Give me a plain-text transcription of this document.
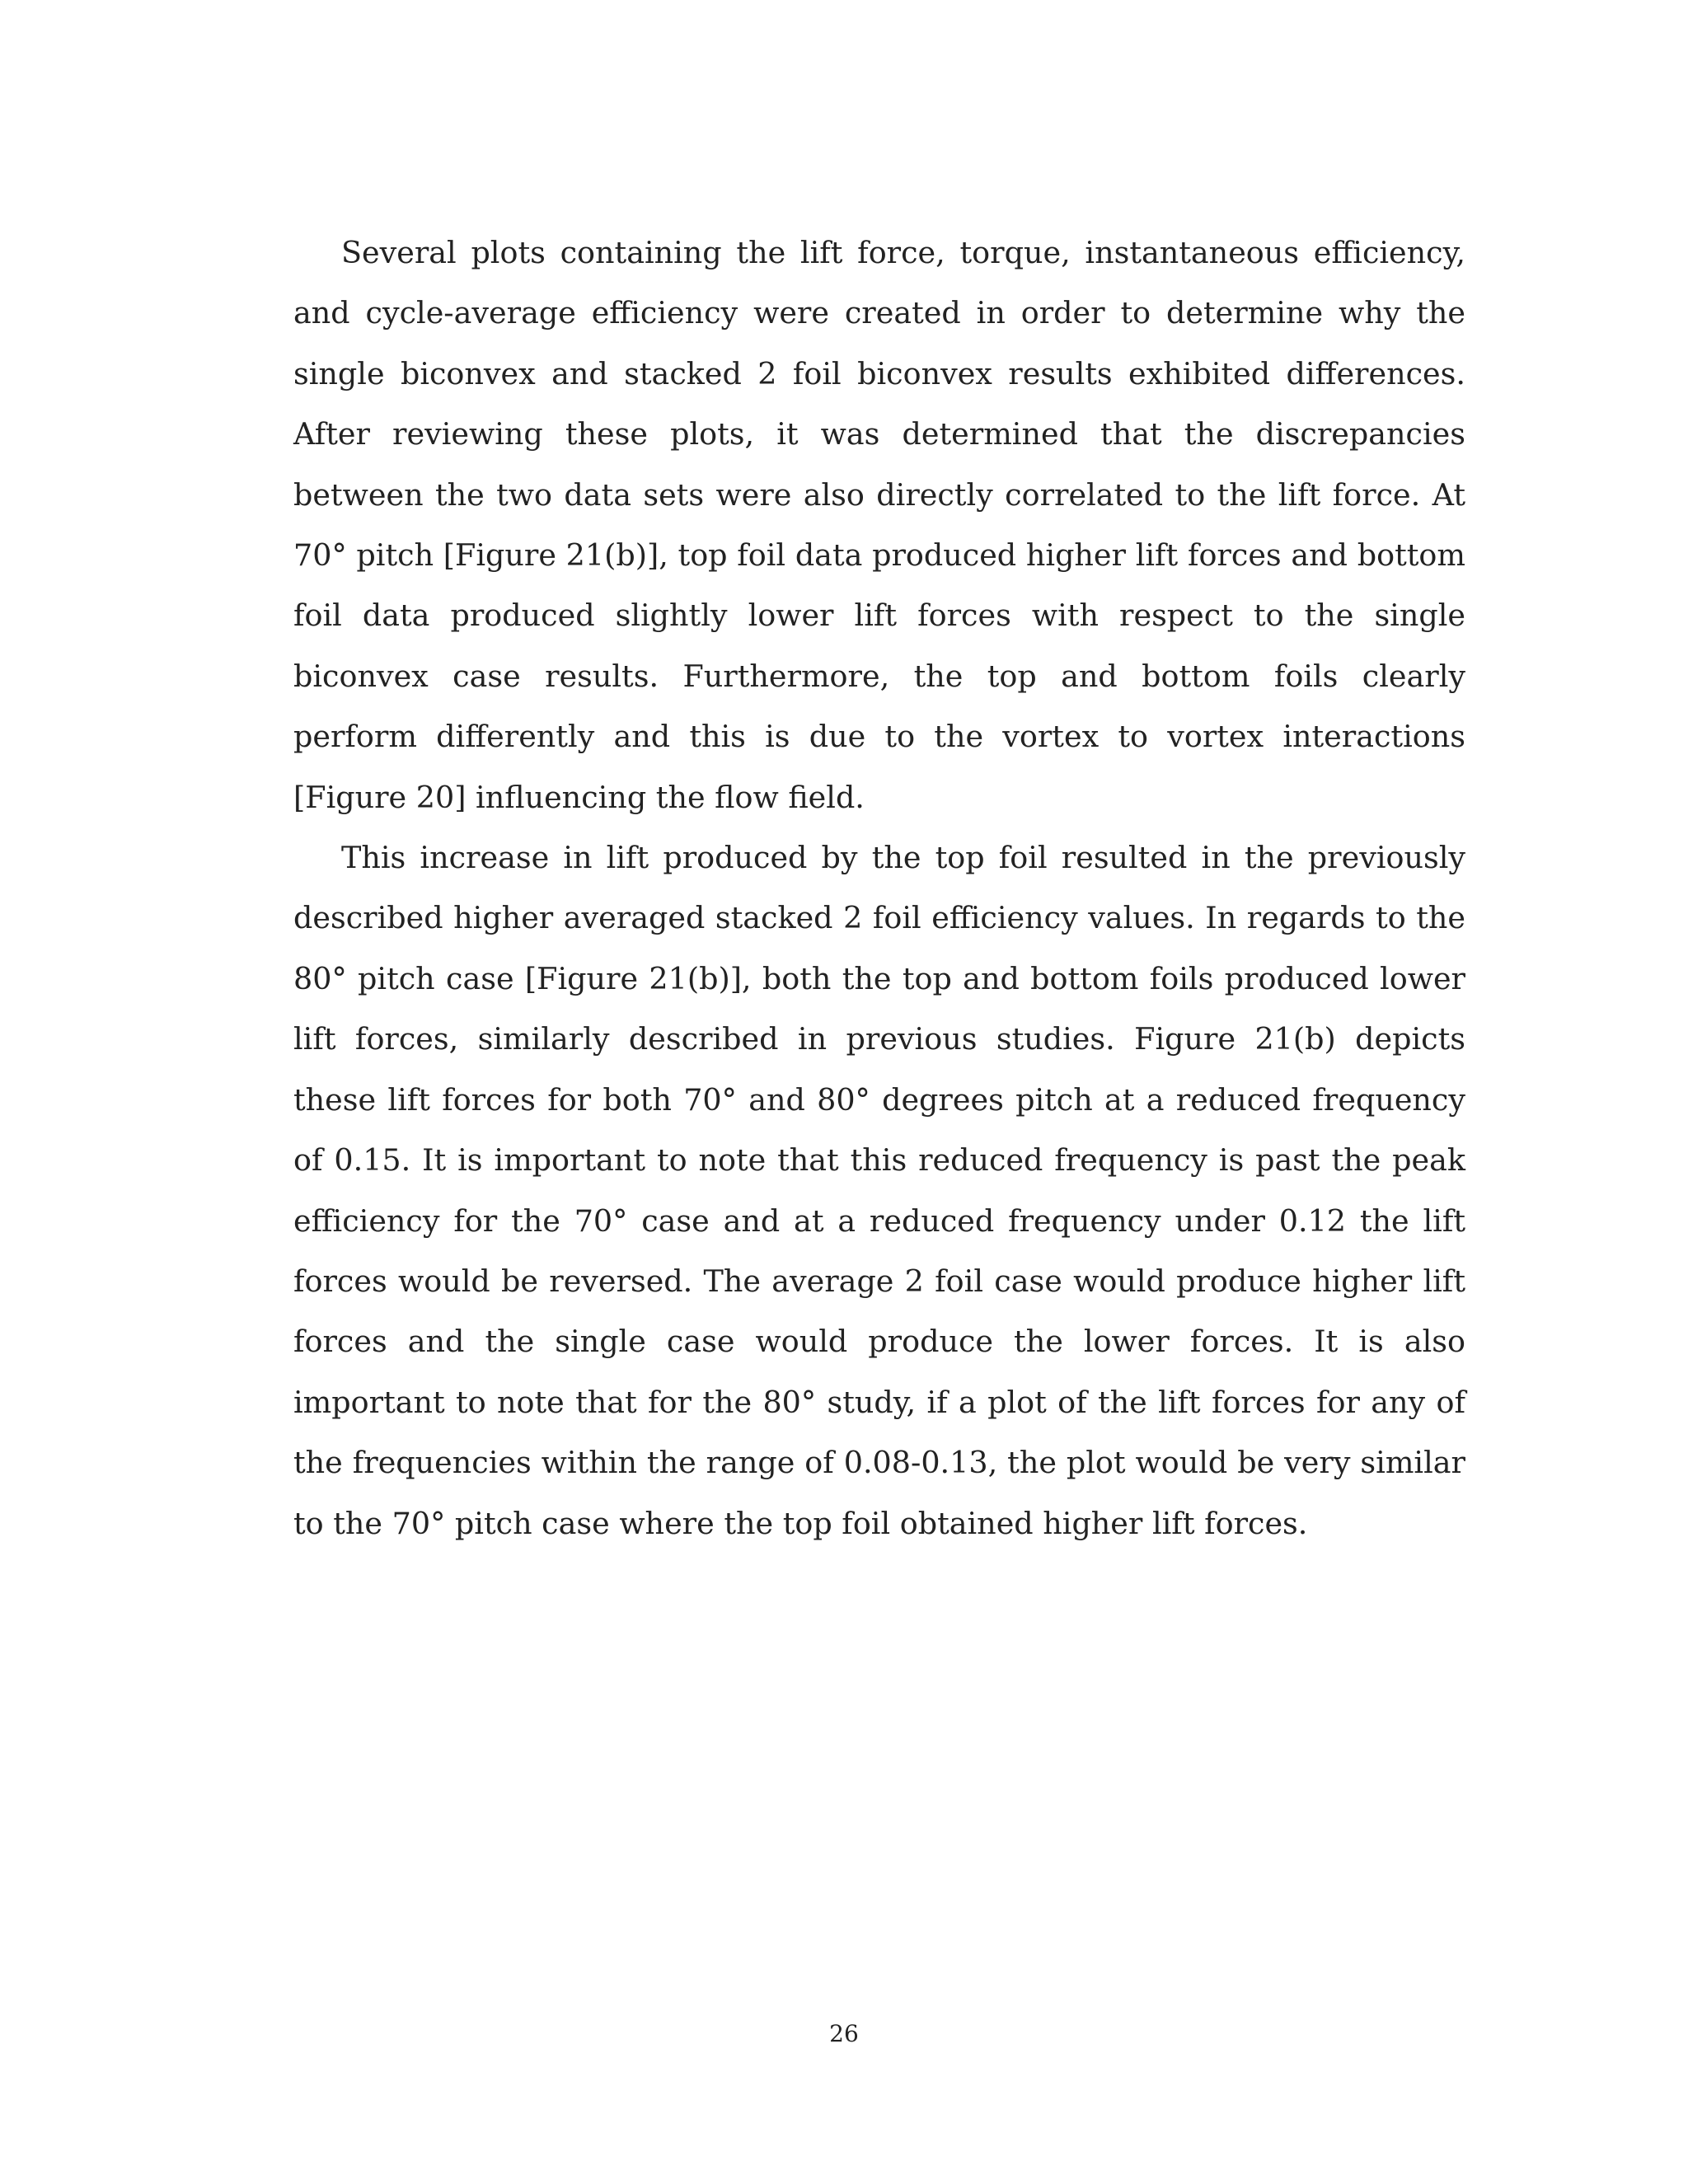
Several plots containing the lift force, torque, instantaneous efficiency, and cycle-average efficiency were created in order to determine why the single biconvex and stacked 2 foil biconvex results exhibited differences. After reviewing these plots, it was determined that the discrepancies between the two data sets were also directly correlated to the lift force. At 70° pitch [Figure 21(b)], top foil data produced higher lift forces and bottom foil data produced slightly lower lift forces with respect to the single biconvex case results. Furthermore, the top and bottom foils clearly perform differently and this is due to the vortex to vortex interactions [Figure 20] influencing the flow field.

This increase in lift produced by the top foil resulted in the previously described higher averaged stacked 2 foil efficiency values. In regards to the 80° pitch case [Figure 21(b)], both the top and bottom foils produced lower lift forces, similarly described in previous studies. Figure 21(b) depicts these lift forces for both 70° and 80° degrees pitch at a reduced frequency of 0.15. It is important to note that this reduced frequency is past the peak efficiency for the 70° case and at a reduced frequency under 0.12 the lift forces would be reversed. The average 2 foil case would produce higher lift forces and the single case would produce the lower forces. It is also important to note that for the 80° study, if a plot of the lift forces for any of the frequencies within the range of 0.08-0.13, the plot would be very similar to the 70° pitch case where the top foil obtained higher lift forces.

26
